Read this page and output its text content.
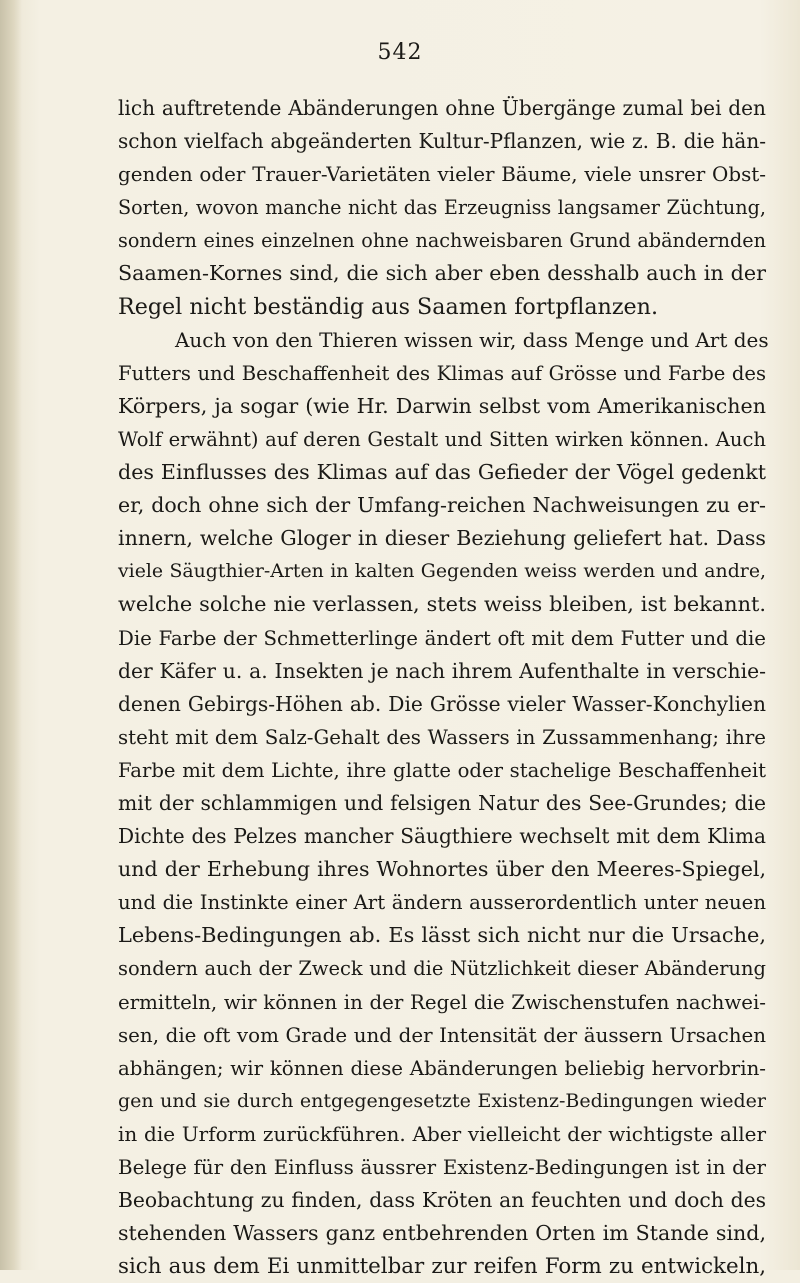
542
lich auftretende Abänderungen ohne Übergänge zumal bei den
schon vielfach abgeänderten Kultur-Pflanzen, wie z. B. die hän-
genden oder Trauer-Varietäten vieler Bäume, viele unsrer Obst-
Sorten, wovon manche nicht das Erzeugniss langsamer Züchtung,
sondern eines einzelnen ohne nachweisbaren Grund abändernden
Saamen-Kornes sind, die sich aber eben desshalb auch in der
Regel nicht beständig aus Saamen fortpflanzen.
Auch von den Thieren wissen wir, dass Menge und Art des
Futters und Beschaffenheit des Klimas auf Grösse und Farbe des
Körpers, ja sogar (wie Hr. Darwin selbst vom Amerikanischen
Wolf erwähnt) auf deren Gestalt und Sitten wirken können. Auch
des Einflusses des Klimas auf das Gefieder der Vögel gedenkt
er, doch ohne sich der Umfang-reichen Nachweisungen zu er-
innern, welche Gloger in dieser Beziehung geliefert hat. Dass
viele Säugthier-Arten in kalten Gegenden weiss werden und andre,
welche solche nie verlassen, stets weiss bleiben, ist bekannt.
Die Farbe der Schmetterlinge ändert oft mit dem Futter und die
der Käfer u. a. Insekten je nach ihrem Aufenthalte in verschie-
denen Gebirgs-Höhen ab. Die Grösse vieler Wasser-Konchylien
steht mit dem Salz-Gehalt des Wassers in Zussammenhang; ihre
Farbe mit dem Lichte, ihre glatte oder stachelige Beschaffenheit
mit der schlammigen und felsigen Natur des See-Grundes; die
Dichte des Pelzes mancher Säugthiere wechselt mit dem Klima
und der Erhebung ihres Wohnortes über den Meeres-Spiegel,
und die Instinkte einer Art ändern ausserordentlich unter neuen
Lebens-Bedingungen ab. Es lässt sich nicht nur die Ursache,
sondern auch der Zweck und die Nützlichkeit dieser Abänderung
ermitteln, wir können in der Regel die Zwischenstufen nachwei-
sen, die oft vom Grade und der Intensität der äussern Ursachen
abhängen; wir können diese Abänderungen beliebig hervorbrin-
gen und sie durch entgegengesetzte Existenz-Bedingungen wieder
in die Urform zurückführen. Aber vielleicht der wichtigste aller
Belege für den Einfluss äussrer Existenz-Bedingungen ist in der
Beobachtung zu finden, dass Kröten an feuchten und doch des
stehenden Wassers ganz entbehrenden Orten im Stande sind,
sich aus dem Ei unmittelbar zur reifen Form zu entwickeln,
